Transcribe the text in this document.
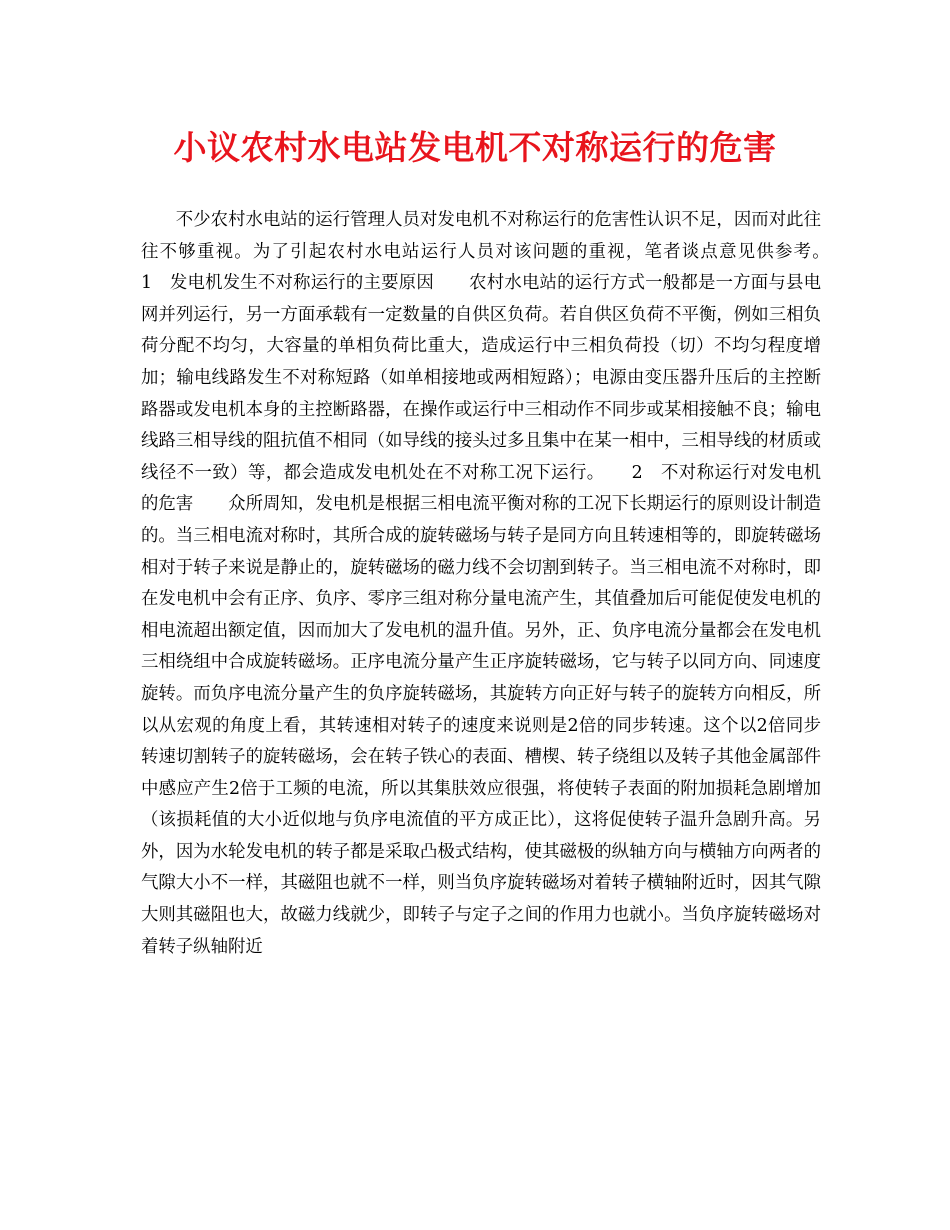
小议农村水电站发电机不对称运行的危害

不少农村水电站的运行管理人员对发电机不对称运行的危害性认识不足，因而对此往往不够重视。为了引起农村水电站运行人员对该问题的重视，笔者谈点意见供参考。　　1　发电机发生不对称运行的主要原因　　农村水电站的运行方式一般都是一方面与县电网并列运行，另一方面承载有一定数量的自供区负荷。若自供区负荷不平衡，例如三相负荷分配不均匀，大容量的单相负荷比重大，造成运行中三相负荷投（切）不均匀程度增加；输电线路发生不对称短路（如单相接地或两相短路）；电源由变压器升压后的主控断路器或发电机本身的主控断路器，在操作或运行中三相动作不同步或某相接触不良；输电线路三相导线的阻抗值不相同（如导线的接头过多且集中在某一相中，三相导线的材质或线径不一致）等，都会造成发电机处在不对称工况下运行。　　2　不对称运行对发电机的危害　　众所周知，发电机是根据三相电流平衡对称的工况下长期运行的原则设计制造的。当三相电流对称时，其所合成的旋转磁场与转子是同方向且转速相等的，即旋转磁场相对于转子来说是静止的，旋转磁场的磁力线不会切割到转子。当三相电流不对称时，即在发电机中会有正序、负序、零序三组对称分量电流产生，其值叠加后可能促使发电机的相电流超出额定值，因而加大了发电机的温升值。另外，正、负序电流分量都会在发电机三相绕组中合成旋转磁场。正序电流分量产生正序旋转磁场，它与转子以同方向、同速度旋转。而负序电流分量产生的负序旋转磁场，其旋转方向正好与转子的旋转方向相反，所以从宏观的角度上看，其转速相对转子的速度来说则是2倍的同步转速。这个以2倍同步转速切割转子的旋转磁场，会在转子铁心的表面、槽楔、转子绕组以及转子其他金属部件中感应产生2倍于工频的电流，所以其集肤效应很强，将使转子表面的附加损耗急剧增加（该损耗值的大小近似地与负序电流值的平方成正比），这将促使转子温升急剧升高。另外，因为水轮发电机的转子都是采取凸极式结构，使其磁极的纵轴方向与横轴方向两者的气隙大小不一样，其磁阻也就不一样，则当负序旋转磁场对着转子横轴附近时，因其气隙大则其磁阻也大，故磁力线就少，即转子与定子之间的作用力也就小。当负序旋转磁场对着转子纵轴附近
